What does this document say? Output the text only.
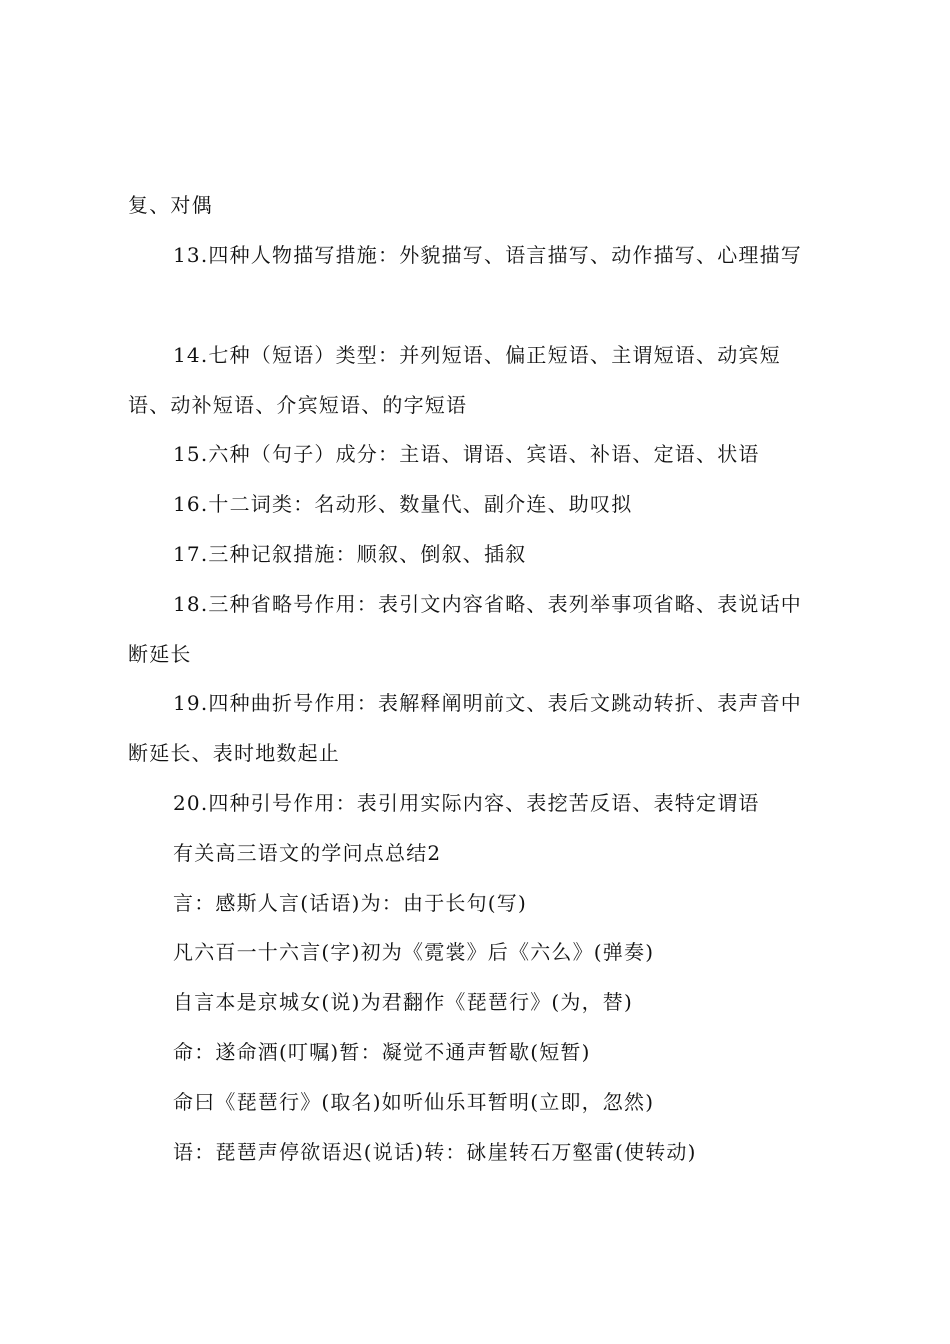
复、对偶
13.四种人物描写措施：外貌描写、语言描写、动作描写、心理描写
14.七种（短语）类型：并列短语、偏正短语、主谓短语、动宾短
语、动补短语、介宾短语、的字短语
15.六种（句子）成分：主语、谓语、宾语、补语、定语、状语
16.十二词类：名动形、数量代、副介连、助叹拟
17.三种记叙措施：顺叙、倒叙、插叙
18.三种省略号作用：表引文内容省略、表列举事项省略、表说话中
断延长
19.四种曲折号作用：表解释阐明前文、表后文跳动转折、表声音中
断延长、表时地数起止
20.四种引号作用：表引用实际内容、表挖苦反语、表特定谓语
有关高三语文的学问点总结2
言：感斯人言(话语)为：由于长句(写)
凡六百一十六言(字)初为《霓裳》后《六么》(弹奏)
自言本是京城女(说)为君翻作《琵琶行》(为，替)
命：遂命酒(叮嘱)暂：凝觉不通声暂歇(短暂)
命曰《琵琶行》(取名)如听仙乐耳暂明(立即，忽然)
语：琵琶声停欲语迟(说话)转：砯崖转石万壑雷(使转动)
